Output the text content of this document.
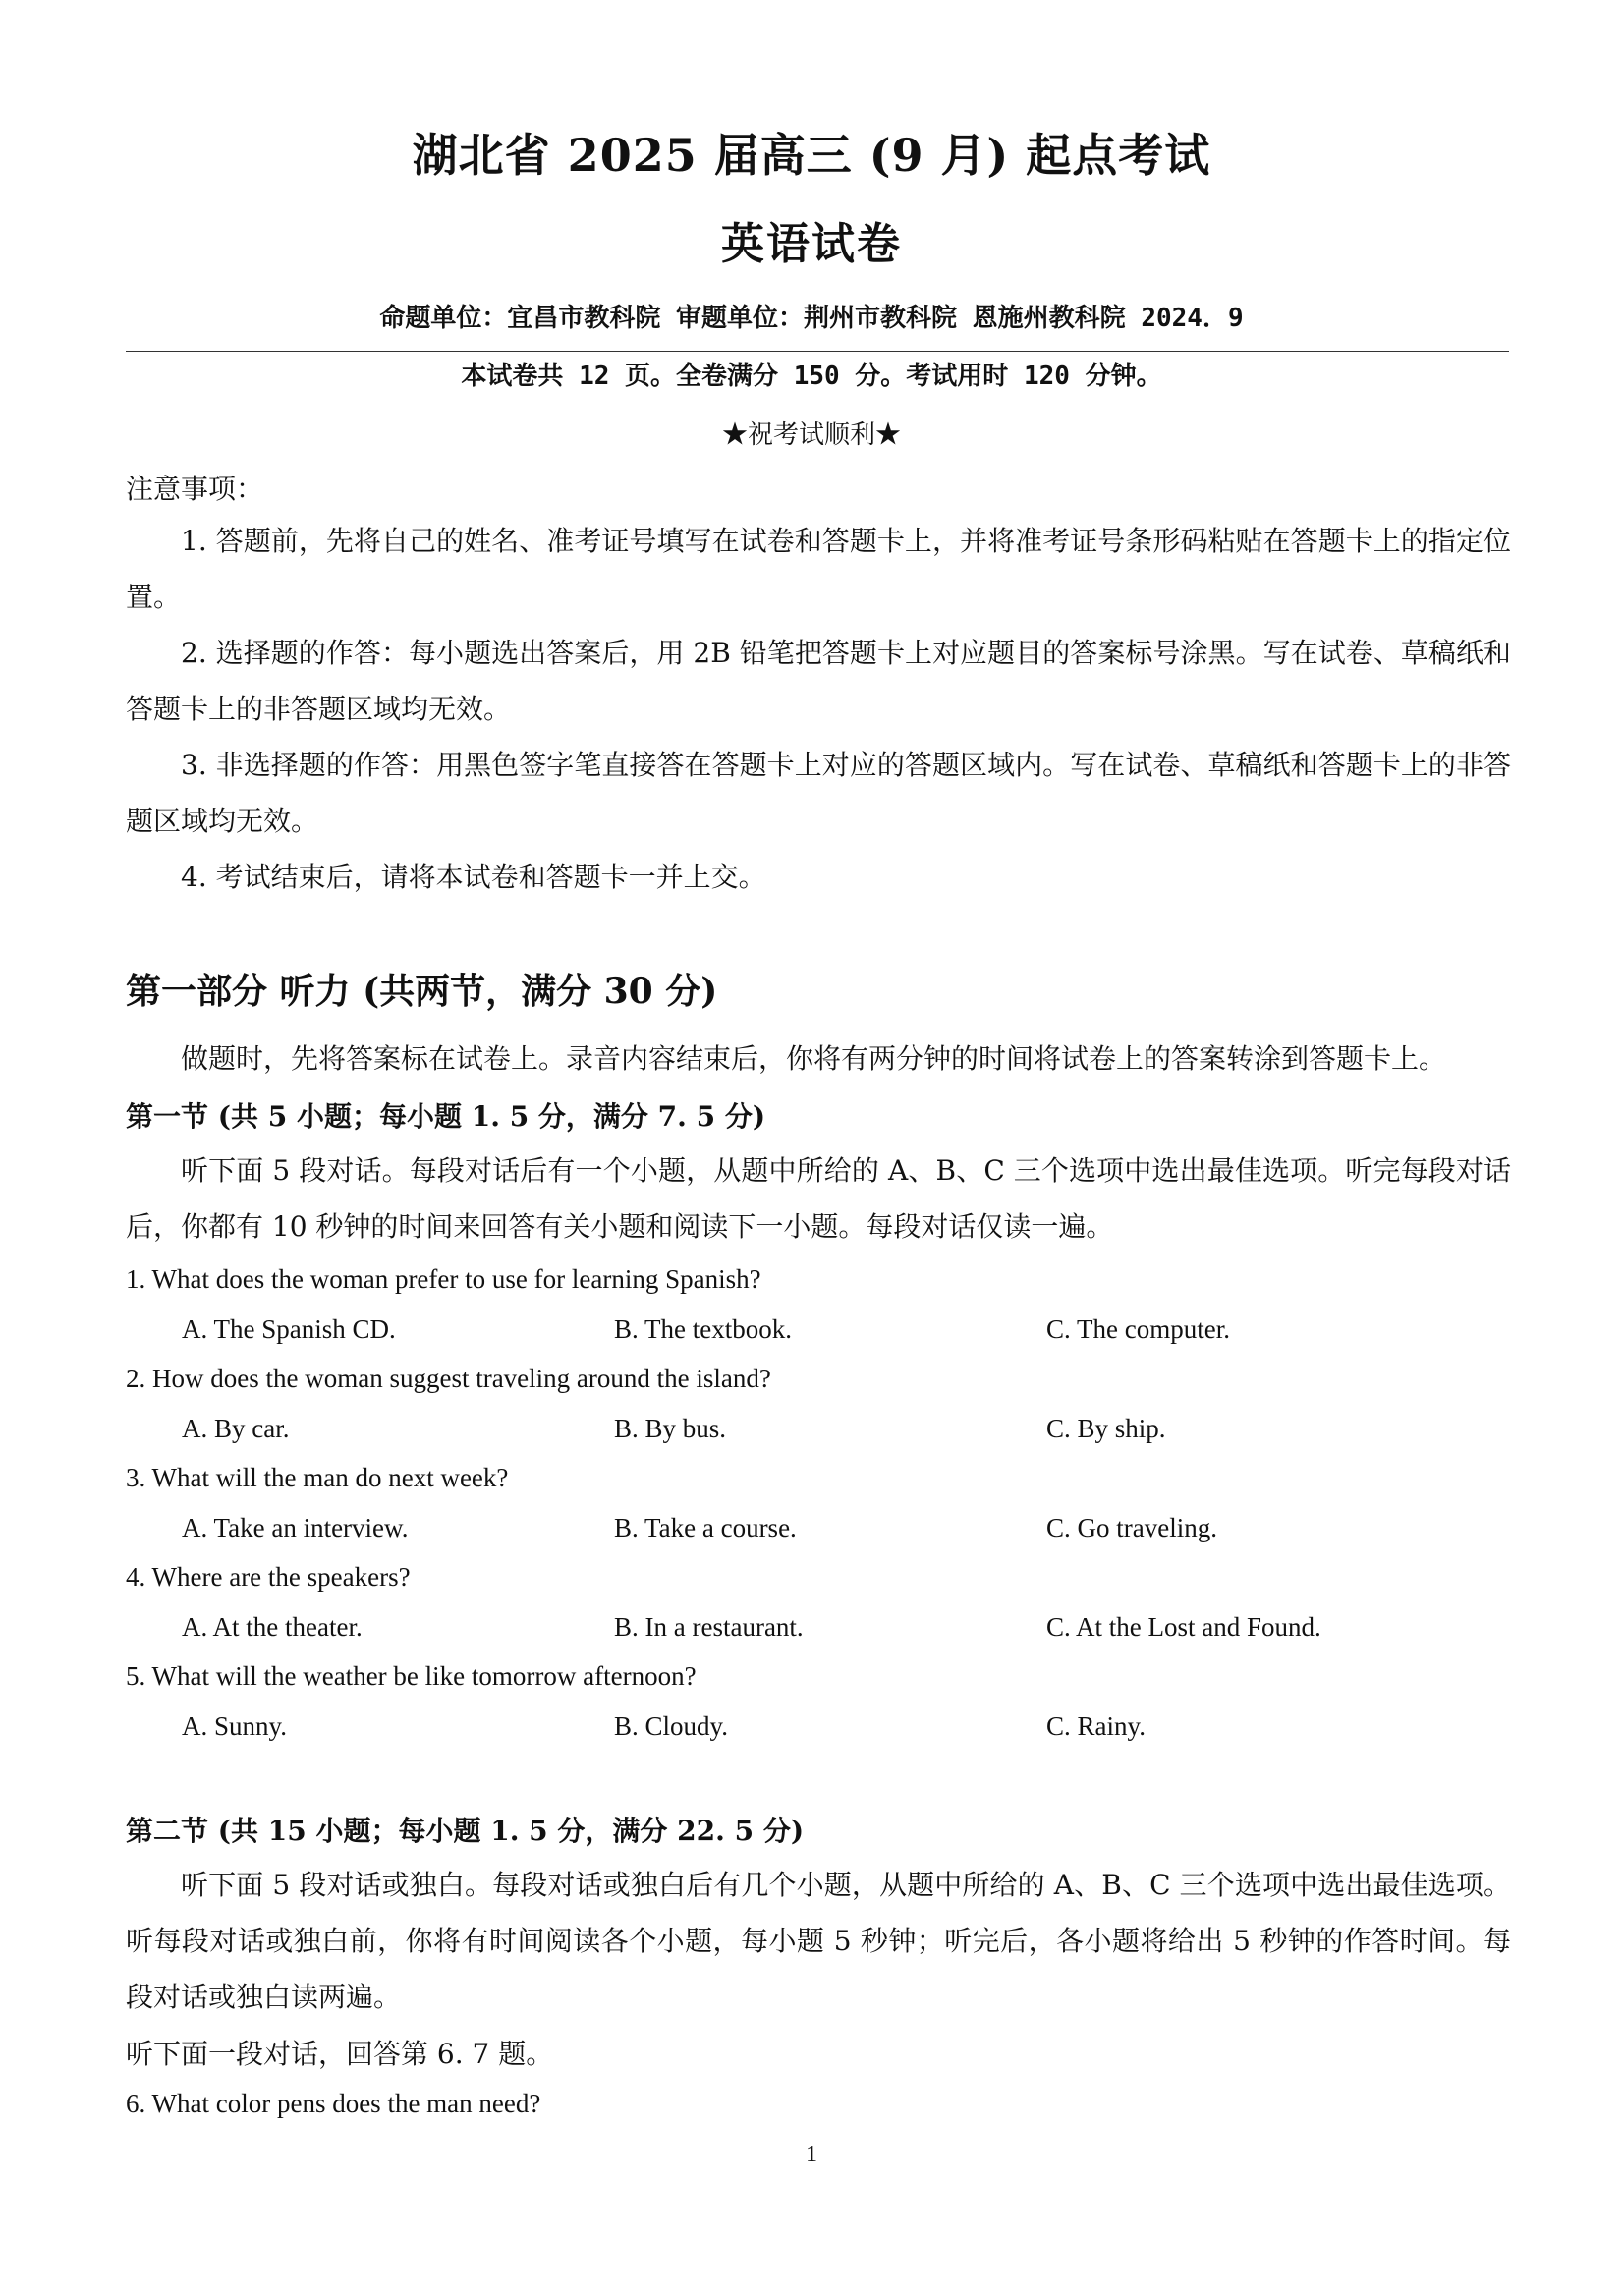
湖北省 2025 届高三 (9 月) 起点考试
英语试卷
命题单位：宜昌市教科院 审题单位：荆州市教科院 恩施州教科院 2024．9
本试卷共 12 页。全卷满分 150 分。考试用时 120 分钟。
★祝考试顺利★
注意事项：
1. 答题前，先将自己的姓名、准考证号填写在试卷和答题卡上，并将准考证号条形码粘贴在答题卡上的指定位置。
2. 选择题的作答：每小题选出答案后，用 2B 铅笔把答题卡上对应题目的答案标号涂黑。写在试卷、草稿纸和答题卡上的非答题区域均无效。
3. 非选择题的作答：用黑色签字笔直接答在答题卡上对应的答题区域内。写在试卷、草稿纸和答题卡上的非答题区域均无效。
4. 考试结束后，请将本试卷和答题卡一并上交。
第一部分 听力 (共两节，满分 30 分)
做题时，先将答案标在试卷上。录音内容结束后，你将有两分钟的时间将试卷上的答案转涂到答题卡上。
第一节 (共 5 小题；每小题 1. 5 分，满分 7. 5 分)
听下面 5 段对话。每段对话后有一个小题，从题中所给的 A、B、C 三个选项中选出最佳选项。听完每段对话后，你都有 10 秒钟的时间来回答有关小题和阅读下一小题。每段对话仅读一遍。
1. What does the woman prefer to use for learning Spanish?
A. The Spanish CD.	B. The textbook.	C. The computer.
2. How does the woman suggest traveling around the island?
A. By car.	B. By bus.	C. By ship.
3. What will the man do next week?
A. Take an interview.	B. Take a course.	C. Go traveling.
4. Where are the speakers?
A. At the theater.	B. In a restaurant.	C. At the Lost and Found.
5. What will the weather be like tomorrow afternoon?
A. Sunny.	B. Cloudy.	C. Rainy.
第二节 (共 15 小题；每小题 1. 5 分，满分 22. 5 分)
听下面 5 段对话或独白。每段对话或独白后有几个小题，从题中所给的 A、B、C 三个选项中选出最佳选项。听每段对话或独白前，你将有时间阅读各个小题，每小题 5 秒钟；听完后，各小题将给出 5 秒钟的作答时间。每段对话或独白读两遍。
听下面一段对话，回答第 6. 7 题。
6. What color pens does the man need?
1
